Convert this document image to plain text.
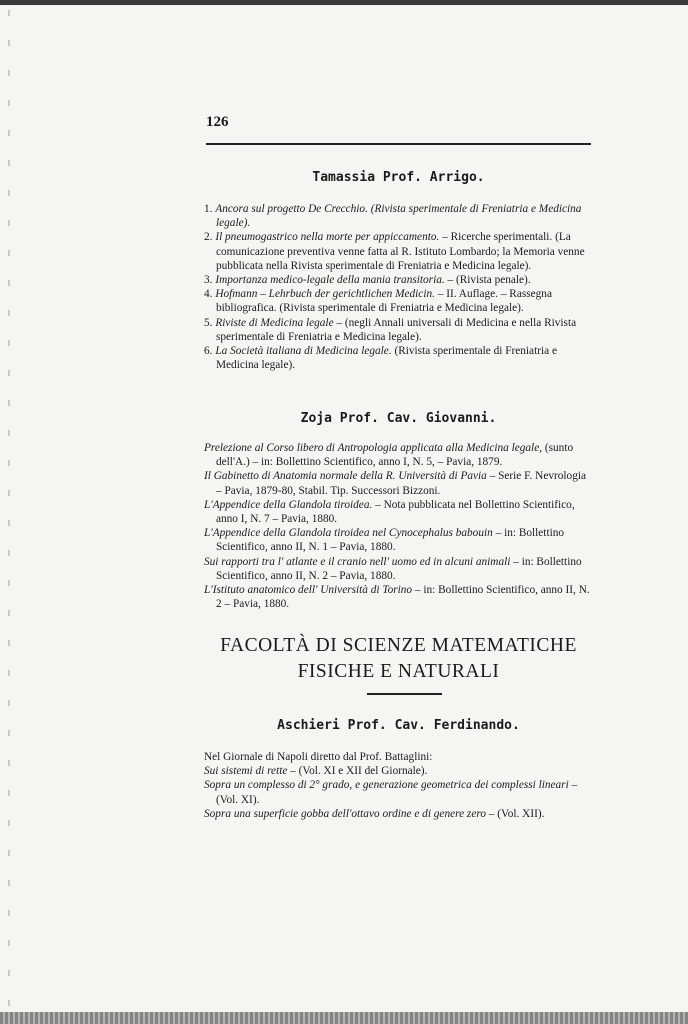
126
Tamassia Prof. Arrigo.

1. Ancora sul progetto De Crecchio. (Rivista sperimentale di Freniatria e Medicina legale).

2. Il pneumogastrico nella morte per appiccamento. – Ricerche sperimentali. (La comunicazione preventiva venne fatta al R. Istituto Lombardo; la Memoria venne pubblicata nella Rivista sperimentale di Freniatria e Medicina legale).

3. Importanza medico-legale della mania transitoria. – (Rivista penale).

4. Hofmann – Lehrbuch der gerichtlichen Medicin. – II. Auflage. – Rassegna bibliografica. (Rivista sperimentale di Freniatria e Medicina legale).

5. Riviste di Medicina legale – (negli Annali universali di Medicina e nella Rivista sperimentale di Freniatria e Medicina legale).

6. La Società italiana di Medicina legale. (Rivista sperimentale di Freniatria e Medicina legale).

Zoja Prof. Cav. Giovanni.

Prelezione al Corso libero di Antropologia applicata alla Medicina legale, (sunto dell'A.) – in: Bollettino Scientifico, anno I, N. 5, – Pavia, 1879.

Il Gabinetto di Anatomia normale della R. Università di Pavia – Serie F. Nevrologia – Pavia, 1879-80, Stabil. Tip. Successori Bizzoni.

L'Appendice della Glandola tiroidea. – Nota pubblicata nel Bollettino Scientifico, anno I, N. 7 – Pavia, 1880.

L'Appendice della Glandola tiroidea nel Cynocephalus babouin – in: Bollettino Scientifico, anno II, N. 1 – Pavia, 1880.

Sui rapporti tra l' atlante e il cranio nell' uomo ed in alcuni animali – in: Bollettino Scientifico, anno II, N. 2 – Pavia, 1880.

L'Istituto anatomico dell' Università di Torino – in: Bollettino Scientifico, anno II, N. 2 – Pavia, 1880.

FACOLTÀ DI SCIENZE MATEMATICHE
FISICHE E NATURALI
Aschieri Prof. Cav. Ferdinando.

Nel Giornale di Napoli diretto dal Prof. Battaglini:

Sui sistemi di rette – (Vol. XI e XII del Giornale).

Sopra un complesso di 2° grado, e generazione geometrica dei complessi lineari – (Vol. XI).

Sopra una superficie gobba dell'ottavo ordine e di genere zero – (Vol. XII).
